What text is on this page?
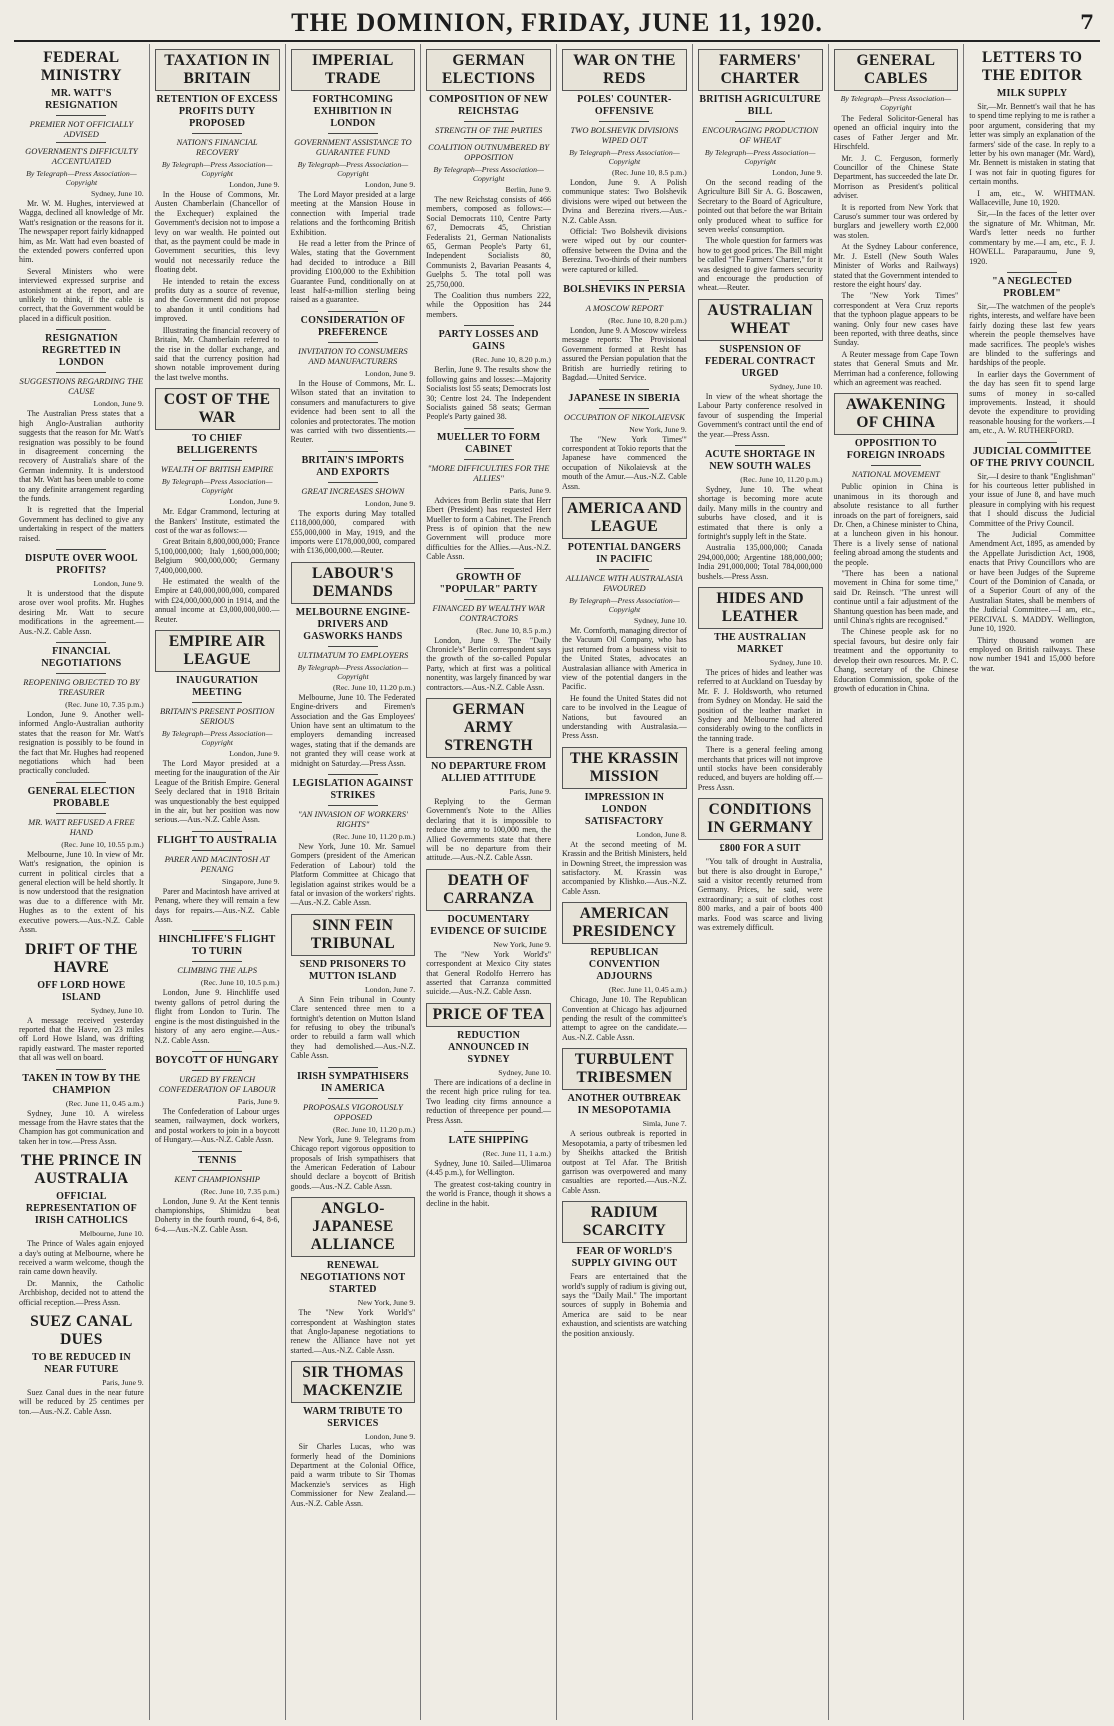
THE DOMINION, FRIDAY, JUNE 11, 1920.	7
FEDERAL MINISTRY
MR. WATT'S RESIGNATION
PREMIER NOT OFFICIALLY ADVISED
GOVERNMENT'S DIFFICULTY ACCENTUATED
By Telegraph—Press Association—Copyright
Sydney, June 10.

Mr. W. M. Hughes, interviewed at Wagga, declined all knowledge of Mr. Watt's resignation or the reasons for it. The newspaper report fairly kidnapped him, as Mr. Watt had even boasted of the extended powers conferred upon him.

Several Ministers who were interviewed expressed surprise and astonishment at the report, and are unlikely to think, if the cable is correct, that the Government would be placed in a difficult position.

RESIGNATION REGRETTED IN LONDON
SUGGESTIONS REGARDING THE CAUSE
London, June 9.

The Australian Press states that a high Anglo-Australian authority suggests that the reason for Mr. Watt's resignation was possibly to be found in disagreement concerning the recovery of Australia's share of the German indemnity. It is understood that Mr. Watt has been unable to come to any definite arrangement regarding the funds.

It is regretted that the Imperial Government has declined to give any undertaking in respect of the matters raised.

DISPUTE OVER WOOL PROFITS?
London, June 9.

It is understood that the dispute arose over wool profits. Mr. Hughes desiring Mr. Watt to secure modifications in the agreement.—Aus.-N.Z. Cable Assn.

FINANCIAL NEGOTIATIONS
REOPENING OBJECTED TO BY TREASURER
(Rec. June 10, 7.35 p.m.)

London, June 9. Another well-informed Anglo-Australian authority states that the reason for Mr. Watt's resignation is possibly to be found in the fact that Mr. Hughes had reopened negotiations which had been practically concluded.

GENERAL ELECTION PROBABLE
MR. WATT REFUSED A FREE HAND
(Rec. June 10, 10.55 p.m.)

Melbourne, June 10. In view of Mr. Watt's resignation, the opinion is current in political circles that a general election will be held shortly. It is now understood that the resignation was due to a difference with Mr. Hughes as to the extent of his executive powers.—Aus.-N.Z. Cable Assn.

DRIFT OF THE HAVRE
OFF LORD HOWE ISLAND
Sydney, June 10.

A message received yesterday reported that the Havre, on 23 miles off Lord Howe Island, was drifting rapidly eastward. The master reported that all was well on board.

TAKEN IN TOW BY THE CHAMPION
(Rec. June 11, 0.45 a.m.)

Sydney, June 10. A wireless message from the Havre states that the Champion has got communication and taken her in tow.—Press Assn.

THE PRINCE IN AUSTRALIA
OFFICIAL REPRESENTATION OF IRISH CATHOLICS
Melbourne, June 10.

The Prince of Wales again enjoyed a day's outing at Melbourne, where he received a warm welcome, though the rain came down heavily.

Dr. Mannix, the Catholic Archbishop, decided not to attend the official reception.—Press Assn.

SUEZ CANAL DUES
TO BE REDUCED IN NEAR FUTURE
Paris, June 9.

Suez Canal dues in the near future will be reduced by 25 centimes per ton.—Aus.-N.Z. Cable Assn.

TAXATION IN BRITAIN
RETENTION OF EXCESS PROFITS DUTY PROPOSED
NATION'S FINANCIAL RECOVERY
By Telegraph—Press Association—Copyright
London, June 9.

In the House of Commons, Mr. Austen Chamberlain (Chancellor of the Exchequer) explained the Government's decision not to impose a levy on war wealth. He pointed out that, as the payment could be made in Government securities, this levy would not necessarily reduce the floating debt.

He intended to retain the excess profits duty as a source of revenue, and the Government did not propose to abandon it until conditions had improved.

Illustrating the financial recovery of Britain, Mr. Chamberlain referred to the rise in the dollar exchange, and said that the currency position had shown notable improvement during the last twelve months.

COST OF THE WAR
TO CHIEF BELLIGERENTS
WEALTH OF BRITISH EMPIRE
By Telegraph—Press Association—Copyright
London, June 9.

Mr. Edgar Crammond, lecturing at the Bankers' Institute, estimated the cost of the war as follows:—

Great Britain 8,800,000,000; France 5,100,000,000; Italy 1,600,000,000; Belgium 900,000,000; Germany 7,400,000,000.

He estimated the wealth of the Empire at £40,000,000,000, compared with £24,000,000,000 in 1914, and the annual income at £3,000,000,000.—Reuter.

EMPIRE AIR LEAGUE
INAUGURATION MEETING
BRITAIN'S PRESENT POSITION SERIOUS
By Telegraph—Press Association—Copyright
London, June 9.

The Lord Mayor presided at a meeting for the inauguration of the Air League of the British Empire. General Seely declared that in 1918 Britain was unquestionably the best equipped in the air, but her position was now serious.—Aus.-N.Z. Cable Assn.

FLIGHT TO AUSTRALIA
PARER AND MACINTOSH AT PENANG
Singapore, June 9.

Parer and Macintosh have arrived at Penang, where they will remain a few days for repairs.—Aus.-N.Z. Cable Assn.

HINCHLIFFE'S FLIGHT TO TURIN
CLIMBING THE ALPS
(Rec. June 10, 10.5 p.m.)

London, June 9. Hinchliffe used twenty gallons of petrol during the flight from London to Turin. The engine is the most distinguished in the history of any aero engine.—Aus.-N.Z. Cable Assn.

BOYCOTT OF HUNGARY
URGED BY FRENCH CONFEDERATION OF LABOUR
Paris, June 9.

The Confederation of Labour urges seamen, railwaymen, dock workers, and postal workers to join in a boycott of Hungary.—Aus.-N.Z. Cable Assn.

TENNIS
KENT CHAMPIONSHIP
(Rec. June 10, 7.35 p.m.)

London, June 9. At the Kent tennis championships, Shimidzu beat Doherty in the fourth round, 6-4, 8-6, 6-4.—Aus.-N.Z. Cable Assn.

IMPERIAL TRADE
FORTHCOMING EXHIBITION IN LONDON
GOVERNMENT ASSISTANCE TO GUARANTEE FUND
By Telegraph—Press Association—Copyright
London, June 9.

The Lord Mayor presided at a large meeting at the Mansion House in connection with Imperial trade relations and the forthcoming British Exhibition.

He read a letter from the Prince of Wales, stating that the Government had decided to introduce a Bill providing £100,000 to the Exhibition Guarantee Fund, conditionally on at least half-a-million sterling being raised as a guarantee.

CONSIDERATION OF PREFERENCE
INVITATION TO CONSUMERS AND MANUFACTURERS
London, June 9.

In the House of Commons, Mr. L. Wilson stated that an invitation to consumers and manufacturers to give evidence had been sent to all the colonies and protectorates. The motion was carried with two dissentients.—Reuter.

BRITAIN'S IMPORTS AND EXPORTS
GREAT INCREASES SHOWN
London, June 9.

The exports during May totalled £118,000,000, compared with £55,000,000 in May, 1919, and the imports were £178,000,000, compared with £136,000,000.—Reuter.

LABOUR'S DEMANDS
MELBOURNE ENGINE-DRIVERS AND GASWORKS HANDS
ULTIMATUM TO EMPLOYERS
By Telegraph—Press Association—Copyright
(Rec. June 10, 11.20 p.m.)

Melbourne, June 10. The Federated Engine-drivers and Firemen's Association and the Gas Employees' Union have sent an ultimatum to the employers demanding increased wages, stating that if the demands are not granted they will cease work at midnight on Saturday.—Press Assn.

LEGISLATION AGAINST STRIKES
"AN INVASION OF WORKERS' RIGHTS"
(Rec. June 10, 11.20 p.m.)

New York, June 10. Mr. Samuel Gompers (president of the American Federation of Labour) told the Platform Committee at Chicago that legislation against strikes would be a fatal or invasion of the workers' rights.—Aus.-N.Z. Cable Assn.

SINN FEIN TRIBUNAL
SEND PRISONERS TO MUTTON ISLAND
London, June 7.

A Sinn Fein tribunal in County Clare sentenced three men to a fortnight's detention on Mutton Island for refusing to obey the tribunal's order to rebuild a farm wall which they had demolished.—Aus.-N.Z. Cable Assn.

IRISH SYMPATHISERS IN AMERICA
PROPOSALS VIGOROUSLY OPPOSED
(Rec. June 10, 11.20 p.m.)

New York, June 9. Telegrams from Chicago report vigorous opposition to proposals of Irish sympathisers that the American Federation of Labour should declare a boycott of British goods.—Aus.-N.Z. Cable Assn.

ANGLO-JAPANESE ALLIANCE
RENEWAL NEGOTIATIONS NOT STARTED
New York, June 9.

The "New York World's" correspondent at Washington states that Anglo-Japanese negotiations to renew the Alliance have not yet started.—Aus.-N.Z. Cable Assn.

SIR THOMAS MACKENZIE
WARM TRIBUTE TO SERVICES
London, June 9.

Sir Charles Lucas, who was formerly head of the Dominions Department at the Colonial Office, paid a warm tribute to Sir Thomas Mackenzie's services as High Commissioner for New Zealand.—Aus.-N.Z. Cable Assn.

GERMAN ELECTIONS
COMPOSITION OF NEW REICHSTAG
STRENGTH OF THE PARTIES
COALITION OUTNUMBERED BY OPPOSITION
By Telegraph—Press Association—Copyright
Berlin, June 9.

The new Reichstag consists of 466 members, composed as follows:—Social Democrats 110, Centre Party 67, Democrats 45, Christian Federalists 21, German Nationalists 65, German People's Party 61, Independent Socialists 80, Communists 2, Bavarian Peasants 4, Guelphs 5. The total poll was 25,750,000.

The Coalition thus numbers 222, while the Opposition has 244 members.

PARTY LOSSES AND GAINS
(Rec. June 10, 8.20 p.m.)

Berlin, June 9. The results show the following gains and losses:—Majority Socialists lost 55 seats; Democrats lost 30; Centre lost 24. The Independent Socialists gained 58 seats; German People's Party gained 38.

MUELLER TO FORM CABINET
"MORE DIFFICULTIES FOR THE ALLIES"
Paris, June 9.

Advices from Berlin state that Herr Ebert (President) has requested Herr Mueller to form a Cabinet. The French Press is of opinion that the new Government will produce more difficulties for the Allies.—Aus.-N.Z. Cable Assn.

GROWTH OF "POPULAR" PARTY
FINANCED BY WEALTHY WAR CONTRACTORS
(Rec. June 10, 8.5 p.m.)

London, June 9. The "Daily Chronicle's" Berlin correspondent says the growth of the so-called Popular Party, which at first was a political nonentity, was largely financed by war contractors.—Aus.-N.Z. Cable Assn.

GERMAN ARMY STRENGTH
NO DEPARTURE FROM ALLIED ATTITUDE
Paris, June 9.

Replying to the German Government's Note to the Allies declaring that it is impossible to reduce the army to 100,000 men, the Allied Governments state that there will be no departure from their attitude.—Aus.-N.Z. Cable Assn.

DEATH OF CARRANZA
DOCUMENTARY EVIDENCE OF SUICIDE
New York, June 9.

The "New York World's" correspondent at Mexico City states that General Rodolfo Herrero has asserted that Carranza committed suicide.—Aus.-N.Z. Cable Assn.

PRICE OF TEA
REDUCTION ANNOUNCED IN SYDNEY
Sydney, June 10.

There are indications of a decline in the recent high price ruling for tea. Two leading city firms announce a reduction of threepence per pound.—Press Assn.

LATE SHIPPING
(Rec. June 11, 1 a.m.)

Sydney, June 10. Sailed—Ulimaroa (4.45 p.m.), for Wellington.

The greatest cost-taking country in the world is France, though it shows a decline in the habit.

WAR ON THE REDS
POLES' COUNTER-OFFENSIVE
TWO BOLSHEVIK DIVISIONS WIPED OUT
By Telegraph—Press Association—Copyright
(Rec. June 10, 8.5 p.m.)

London, June 9. A Polish communique states: Two Bolshevik divisions were wiped out between the Dvina and Berezina rivers.—Aus.-N.Z. Cable Assn.

Official: Two Bolshevik divisions were wiped out by our counter-offensive between the Dvina and the Berezina. Two-thirds of their numbers were captured or killed.

BOLSHEVIKS IN PERSIA
A MOSCOW REPORT
(Rec. June 10, 8.20 p.m.)

London, June 9. A Moscow wireless message reports: The Provisional Government formed at Resht has assured the Persian population that the British are hurriedly retiring to Bagdad.—United Service.

JAPANESE IN SIBERIA
OCCUPATION OF NIKOLAIEVSK
New York, June 9.

The "New York Times'" correspondent at Tokio reports that the Japanese have commenced the occupation of Nikolaievsk at the mouth of the Amur.—Aus.-N.Z. Cable Assn.

AMERICA AND LEAGUE
POTENTIAL DANGERS IN PACIFIC
ALLIANCE WITH AUSTRALASIA FAVOURED
By Telegraph—Press Association—Copyright
Sydney, June 10.

Mr. Cornforth, managing director of the Vacuum Oil Company, who has just returned from a business visit to the United States, advocates an Australasian alliance with America in view of the potential dangers in the Pacific.

He found the United States did not care to be involved in the League of Nations, but favoured an understanding with Australasia.—Press Assn.

THE KRASSIN MISSION
IMPRESSION IN LONDON SATISFACTORY
London, June 8.

At the second meeting of M. Krassin and the British Ministers, held in Downing Street, the impression was satisfactory. M. Krassin was accompanied by Klishko.—Aus.-N.Z. Cable Assn.

AMERICAN PRESIDENCY
REPUBLICAN CONVENTION ADJOURNS
(Rec. June 11, 0.45 a.m.)

Chicago, June 10. The Republican Convention at Chicago has adjourned pending the result of the committee's attempt to agree on the candidate.—Aus.-N.Z. Cable Assn.

TURBULENT TRIBESMEN
ANOTHER OUTBREAK IN MESOPOTAMIA
Simla, June 7.

A serious outbreak is reported in Mesopotamia, a party of tribesmen led by Sheikhs attacked the British outpost at Tel Afar. The British garrison was overpowered and many casualties are reported.—Aus.-N.Z. Cable Assn.

RADIUM SCARCITY
FEAR OF WORLD'S SUPPLY GIVING OUT

Fears are entertained that the world's supply of radium is giving out, says the "Daily Mail." The important sources of supply in Bohemia and America are said to be near exhaustion, and scientists are watching the position anxiously.

FARMERS' CHARTER
BRITISH AGRICULTURE BILL
ENCOURAGING PRODUCTION OF WHEAT
By Telegraph—Press Association—Copyright
London, June 9.

On the second reading of the Agriculture Bill Sir A. G. Boscawen, Secretary to the Board of Agriculture, pointed out that before the war Britain only produced wheat to suffice for seven weeks' consumption.

The whole question for farmers was how to get good prices. The Bill might be called "The Farmers' Charter," for it was designed to give farmers security and encourage the production of wheat.—Reuter.

AUSTRALIAN WHEAT
SUSPENSION OF FEDERAL CONTRACT URGED
Sydney, June 10.

In view of the wheat shortage the Labour Party conference resolved in favour of suspending the Imperial Government's contract until the end of the year.—Press Assn.

ACUTE SHORTAGE IN NEW SOUTH WALES
(Rec. June 10, 11.20 p.m.)

Sydney, June 10. The wheat shortage is becoming more acute daily. Many mills in the country and suburbs have closed, and it is estimated that there is only a fortnight's supply left in the State.

Australia 135,000,000; Canada 294,000,000; Argentine 188,000,000; India 291,000,000; Total 784,000,000 bushels.—Press Assn.

HIDES AND LEATHER
THE AUSTRALIAN MARKET
Sydney, June 10.

The prices of hides and leather was referred to at Auckland on Tuesday by Mr. F. J. Holdsworth, who returned from Sydney on Monday. He said the position of the leather market in Sydney and Melbourne had altered considerably owing to the conflicts in the tanning trade.

There is a general feeling among merchants that prices will not improve until stocks have been considerably reduced, and buyers are holding off.—Press Assn.

CONDITIONS IN GERMANY
£800 FOR A SUIT

"You talk of drought in Australia, but there is also drought in Europe," said a visitor recently returned from Germany. Prices, he said, were extraordinary; a suit of clothes cost 800 marks, and a pair of boots 400 marks. Food was scarce and living was extremely difficult.

GENERAL CABLES
By Telegraph—Press Association—Copyright

The Federal Solicitor-General has opened an official inquiry into the cases of Father Jerger and Mr. Hirschfeld.

Mr. J. C. Ferguson, formerly Councillor of the Chinese State Department, has succeeded the late Dr. Morrison as President's political adviser.

It is reported from New York that Caruso's summer tour was ordered by burglars and jewellery worth £2,000 was stolen.

At the Sydney Labour conference, Mr. J. Estell (New South Wales Minister of Works and Railways) stated that the Government intended to restore the eight hours' day.

The "New York Times" correspondent at Vera Cruz reports that the typhoon plague appears to be waning. Only four new cases have been reported, with three deaths, since Sunday.

A Reuter message from Cape Town states that General Smuts and Mr. Merriman had a conference, following which an agreement was reached.

AWAKENING OF CHINA
OPPOSITION TO FOREIGN INROADS
NATIONAL MOVEMENT

Public opinion in China is unanimous in its thorough and absolute resistance to all further inroads on the part of foreigners, said Dr. Chen, a Chinese minister to China, at a luncheon given in his honour. There is a lively sense of national feeling abroad among the students and the people.

"There has been a national movement in China for some time," said Dr. Reinsch. "The unrest will continue until a fair adjustment of the Shantung question has been made, and until China's rights are recognised."

The Chinese people ask for no special favours, but desire only fair treatment and the opportunity to develop their own resources. Mr. P. C. Chang, secretary of the Chinese Education Commission, spoke of the growth of education in China.

LETTERS TO THE EDITOR
MILK SUPPLY

Sir,—Mr. Bennett's wail that he has to spend time replying to me is rather a poor argument, considering that my letter was simply an explanation of the farmers' side of the case. In reply to a letter by his own manager (Mr. Ward), Mr. Bennett is mistaken in stating that I was not fair in quoting figures for certain months.

I am, etc., W. WHITMAN. Wallaceville, June 10, 1920.

Sir,—In the faces of the letter over the signature of Mr. Whitman, Mr. Ward's letter needs no further commentary by me.—I am, etc., F. J. HOWELL. Paraparaumu, June 9, 1920.

"A NEGLECTED PROBLEM"

Sir,—The watchmen of the people's rights, interests, and welfare have been fairly dozing these last few years wherein the people themselves have made sacrifices. The people's wishes are blinded to the sufferings and hardships of the people.

In earlier days the Government of the day has seen fit to spend large sums of money in so-called improvements. Instead, it should devote the expenditure to providing reasonable housing for the workers.—I am, etc., A. W. RUTHERFORD.

JUDICIAL COMMITTEE OF THE PRIVY COUNCIL

Sir,—I desire to thank "Englishman" for his courteous letter published in your issue of June 8, and have much pleasure in complying with his request that I should discuss the Judicial Committee of the Privy Council.

The Judicial Committee Amendment Act, 1895, as amended by the Appellate Jurisdiction Act, 1908, enacts that Privy Councillors who are or have been Judges of the Supreme Court of the Dominion of Canada, or of a Superior Court of any of the Australian States, shall be members of the Judicial Committee.—I am, etc., PERCIVAL S. MADDY. Wellington, June 10, 1920.

Thirty thousand women are employed on British railways. These now number 1941 and 15,000 before the war.
